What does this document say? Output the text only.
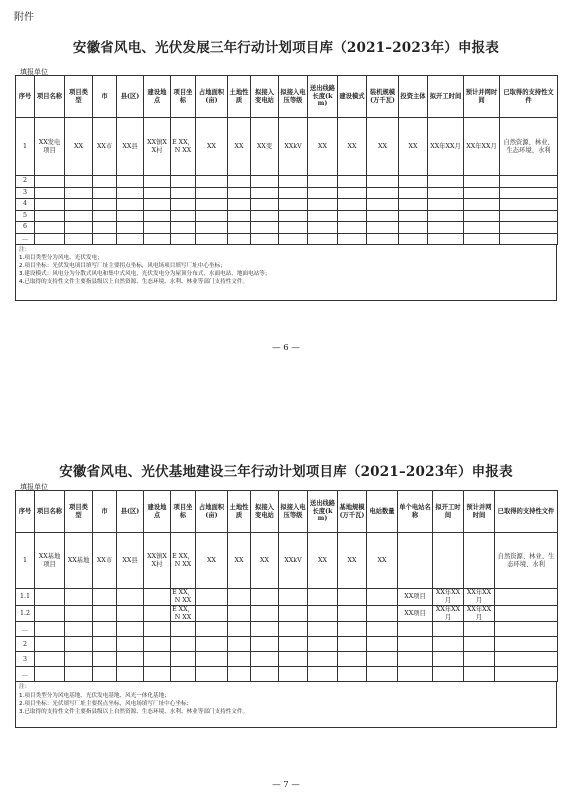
附件
安徽省风电、光伏发展三年行动计划项目库（2021–2023年）申报表
填报单位
序号	项目名称	项目类型	市	县(区)	建设地点	项目坐标	占地面积(亩)	土地性质	拟接入变电站	拟接入电压等级	送出线路长度(km)	建设模式	装机规模(万千瓦)	投资主体	拟开工时间	预计并网时间	已取得的支持性文件
1	XX发电项目	XX	XX市	XX县	XX镇XX村	E XX，N XX	XX	XX	XX变	XXkV	XX	XX	XX	XX	XX年XX月	XX年XX月	自然资源、林业、生态环境、水利
2																	
3																	
4																	
5																	
6																	
...																	
注：
1.项目类型分为风电、光伏发电；
2.项目坐标：光伏发电项目填写厂址主要拐点坐标，风电场项目填写厂址中心坐标；
3.建设模式：风电分为分散式风电和集中式风电，光伏发电分为屋顶分布式、水面电站、地面电站等；
4.已取得的支持性文件主要指县级以上自然资源、生态环境、水利、林业等部门支持性文件。
— 6 —
安徽省风电、光伏基地建设三年行动计划项目库（2021–2023年）申报表
填报单位
序号	项目名称	项目类型	市	县(区)	建设地点	项目坐标	占地面积(亩)	土地性质	拟接入变电站	拟接入电压等级	送出线路长度(km)	基地规模(万千瓦)	电站数量	单个电站名称	拟开工时间	预计并网时间	已取得的支持性文件
1	XX基地项目	XX基地	XX市	XX县	XX镇XX村	E XX，N XX	XX	XX	XX	XXkV	XX	XX	XX				自然资源、林业、生态环境、水利
1.1						E XX，N XX								XX项目	XX年XX月	XX年XX月	
1.2						E XX，N XX								XX项目	XX年XX月	XX年XX月	
...																	
2																	
3																	
...																	
注：
1.项目类型分为风电基地、光伏发电基地、风光一体化基地；
2.项目坐标：光伏填写厂址主要拐点坐标，风电场填写厂址中心坐标；
3.已取得的支持性文件主要指县级以上自然资源、生态环境、水利、林业等部门支持性文件。
— 7 —
